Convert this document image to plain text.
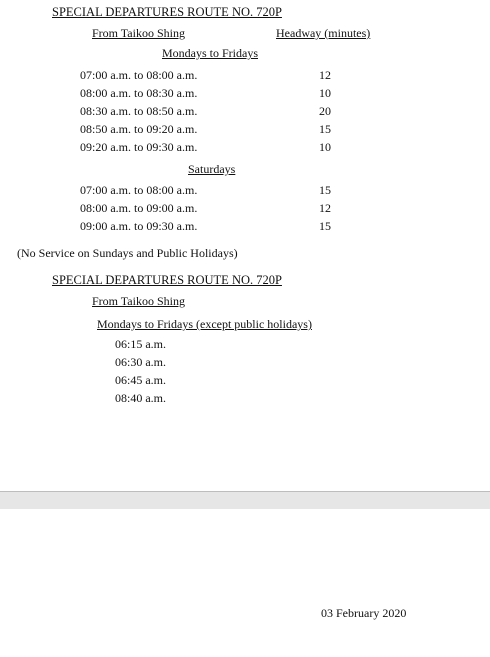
SPECIAL DEPARTURES ROUTE NO. 720P
From Taikoo Shing	Headway (minutes)
Mondays to Fridays
07:00 a.m. to 08:00 a.m.	12
08:00 a.m. to 08:30 a.m.	10
08:30 a.m. to 08:50 a.m.	20
08:50 a.m. to 09:20 a.m.	15
09:20 a.m. to 09:30 a.m.	10
Saturdays
07:00 a.m. to 08:00 a.m.	15
08:00 a.m. to 09:00 a.m.	12
09:00 a.m. to 09:30 a.m.	15
(No Service on Sundays and Public Holidays)
SPECIAL DEPARTURES ROUTE NO. 720P
From Taikoo Shing
Mondays to Fridays (except public holidays)
06:15 a.m.
06:30 a.m.
06:45 a.m.
08:40 a.m.
03 February 2020
